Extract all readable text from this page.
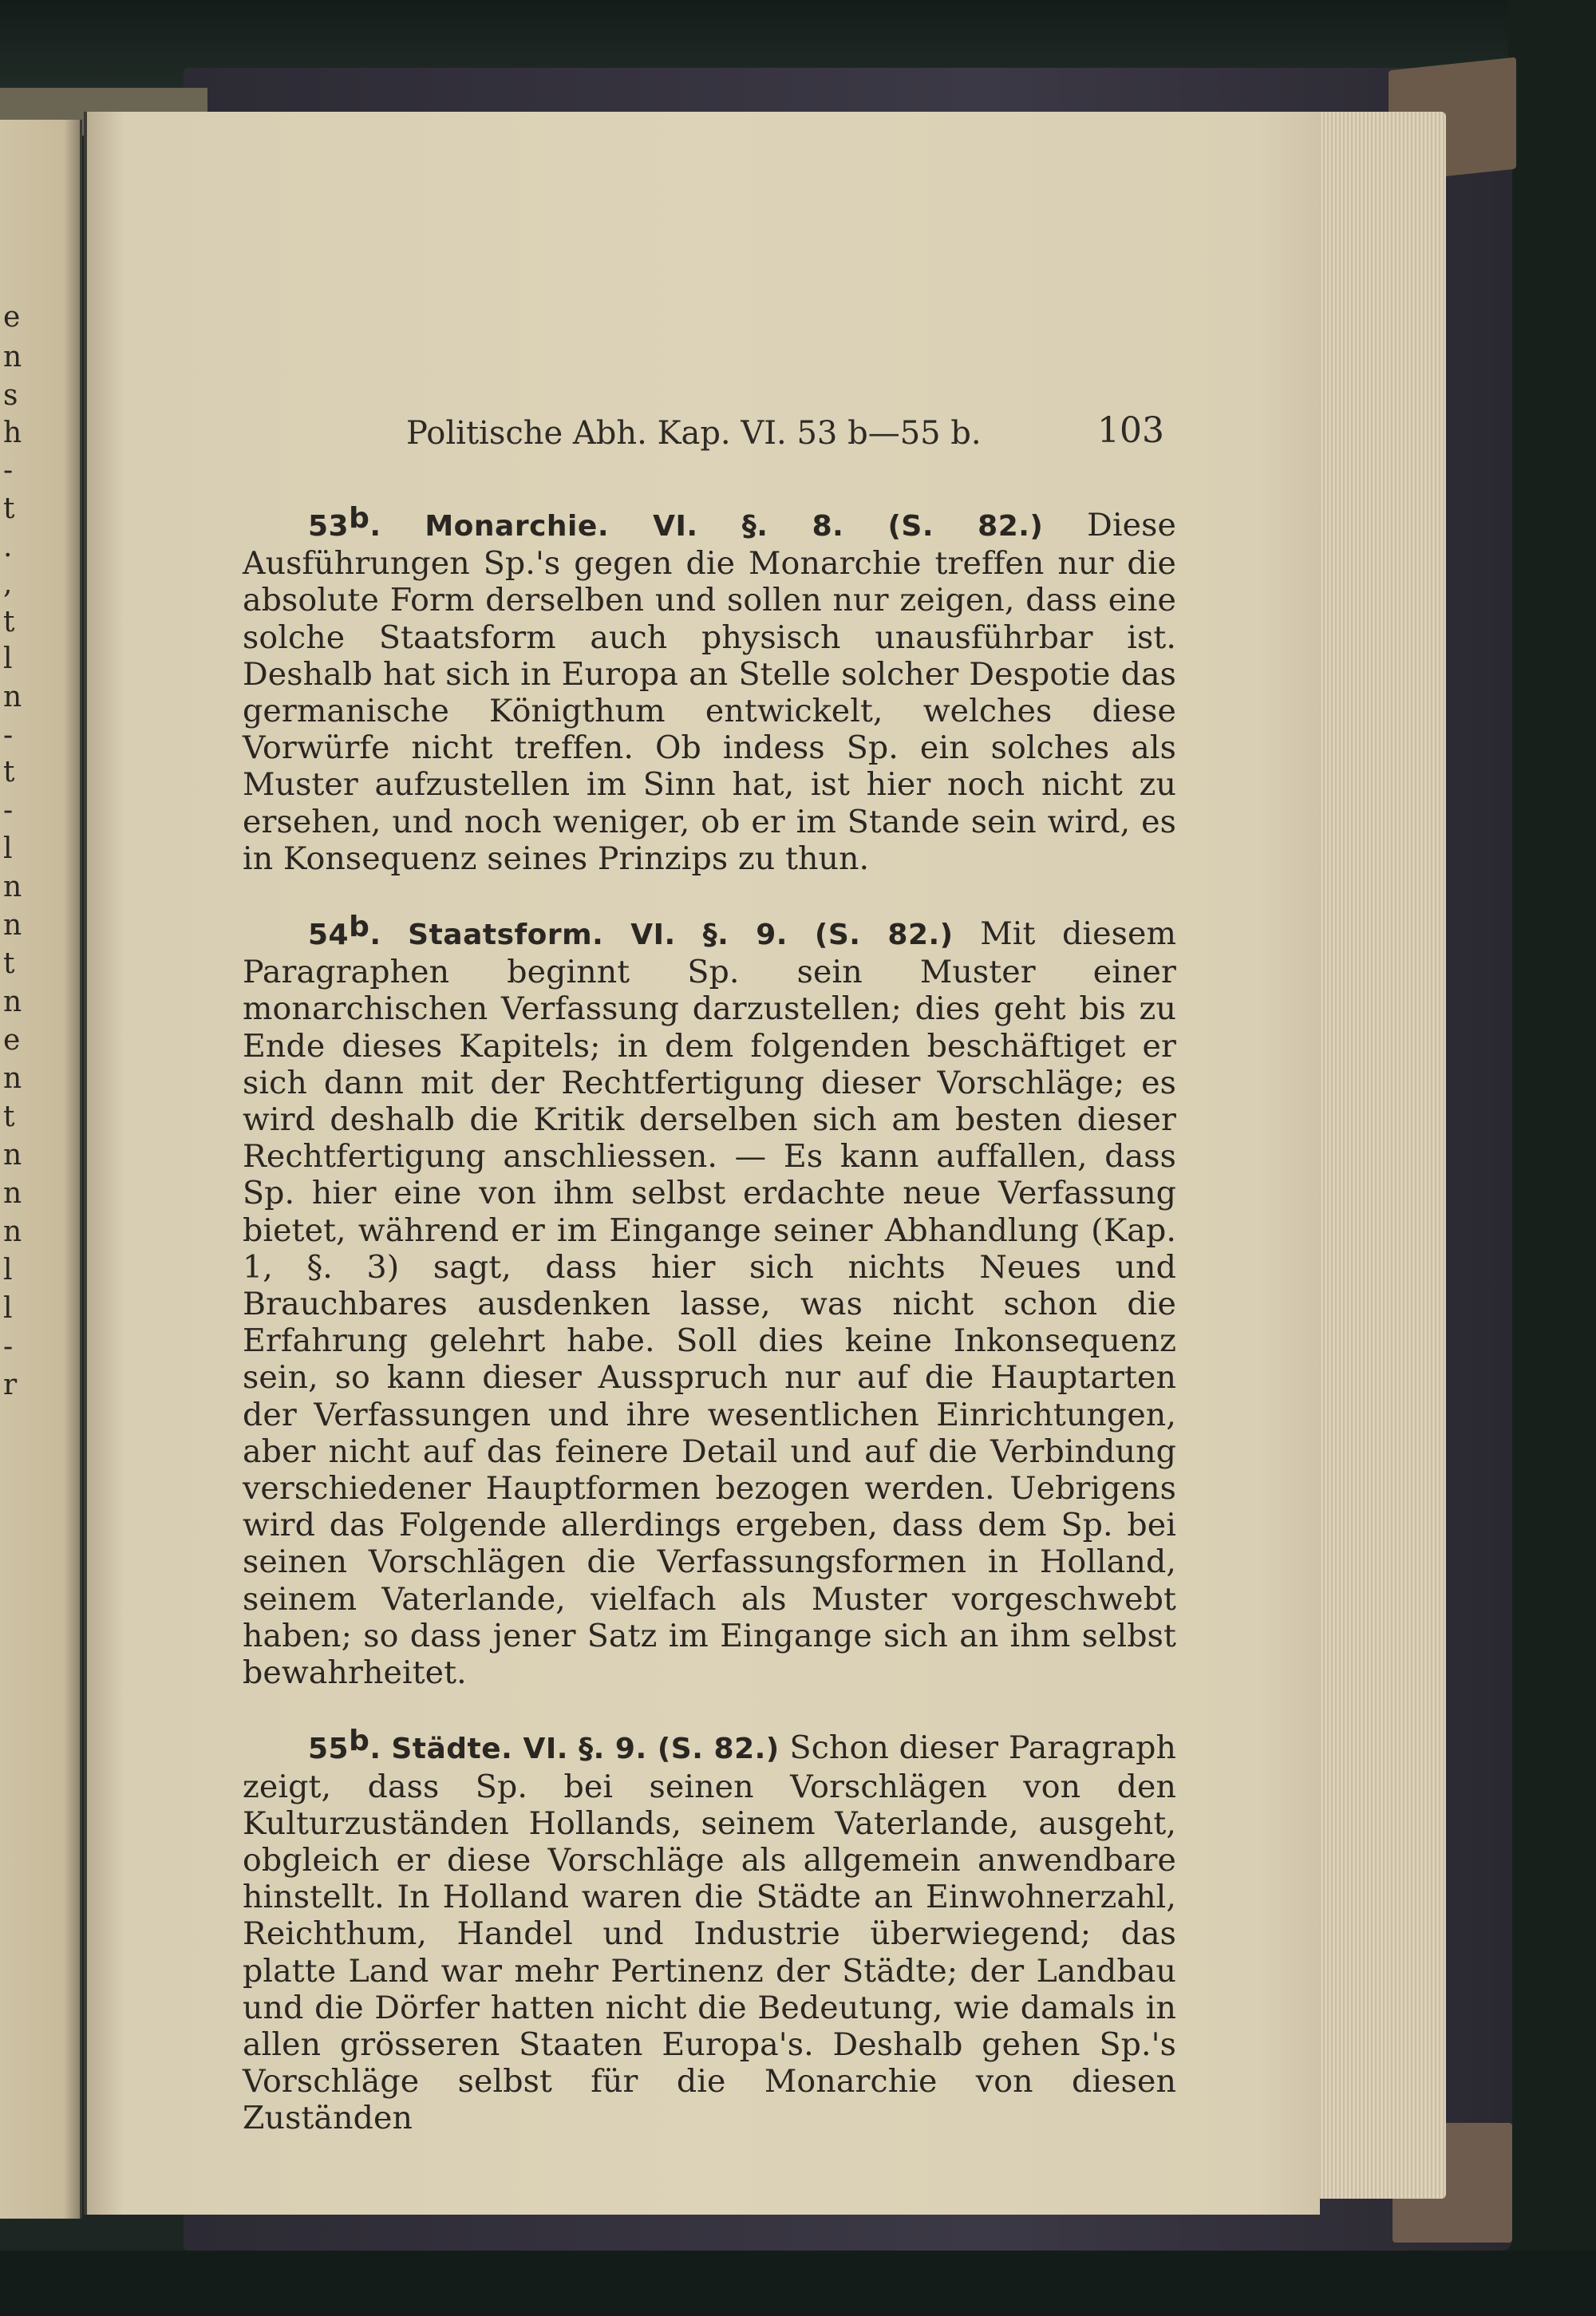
e
n
s
h
-
t
.
,
t
l
n
-
t
-
l
n
n
t
n
e
n
t
n
n
n
l
l
-
r
Politische Abh. Kap. VI. 53 b—55 b.	103

53$^b$. Monarchie. VI. §. 8. (S. 82.) Diese Ausführungen Sp.'s gegen die Monarchie treffen nur die absolute Form derselben und sollen nur zeigen, dass eine solche Staatsform auch physisch unausführbar ist. Deshalb hat sich in Europa an Stelle solcher Despotie das germanische Königthum entwickelt, welches diese Vorwürfe nicht treffen. Ob indess Sp. ein solches als Muster aufzustellen im Sinn hat, ist hier noch nicht zu ersehen, und noch weniger, ob er im Stande sein wird, es in Konsequenz seines Prinzips zu thun.

54$^b$. Staatsform. VI. §. 9. (S. 82.) Mit diesem Paragraphen beginnt Sp. sein Muster einer monarchischen Verfassung darzustellen; dies geht bis zu Ende dieses Kapitels; in dem folgenden beschäftiget er sich dann mit der Rechtfertigung dieser Vorschläge; es wird deshalb die Kritik derselben sich am besten dieser Rechtfertigung anschliessen. — Es kann auffallen, dass Sp. hier eine von ihm selbst erdachte neue Verfassung bietet, während er im Eingange seiner Abhandlung (Kap. 1, §. 3) sagt, dass hier sich nichts Neues und Brauchbares ausdenken lasse, was nicht schon die Erfahrung gelehrt habe. Soll dies keine Inkonsequenz sein, so kann dieser Ausspruch nur auf die Hauptarten der Verfassungen und ihre wesentlichen Einrichtungen, aber nicht auf das feinere Detail und auf die Verbindung verschiedener Hauptformen bezogen werden. Uebrigens wird das Folgende allerdings ergeben, dass dem Sp. bei seinen Vorschlägen die Verfassungsformen in Holland, seinem Vaterlande, vielfach als Muster vorgeschwebt haben; so dass jener Satz im Eingange sich an ihm selbst bewahrheitet.

55$^b$. Städte. VI. §. 9. (S. 82.) Schon dieser Paragraph zeigt, dass Sp. bei seinen Vorschlägen von den Kulturzuständen Hollands, seinem Vaterlande, ausgeht, obgleich er diese Vorschläge als allgemein anwendbare hinstellt. In Holland waren die Städte an Einwohnerzahl, Reichthum, Handel und Industrie überwiegend; das platte Land war mehr Pertinenz der Städte; der Landbau und die Dörfer hatten nicht die Bedeutung, wie damals in allen grösseren Staaten Europa's. Deshalb gehen Sp.'s Vorschläge selbst für die Monarchie von diesen Zuständen
